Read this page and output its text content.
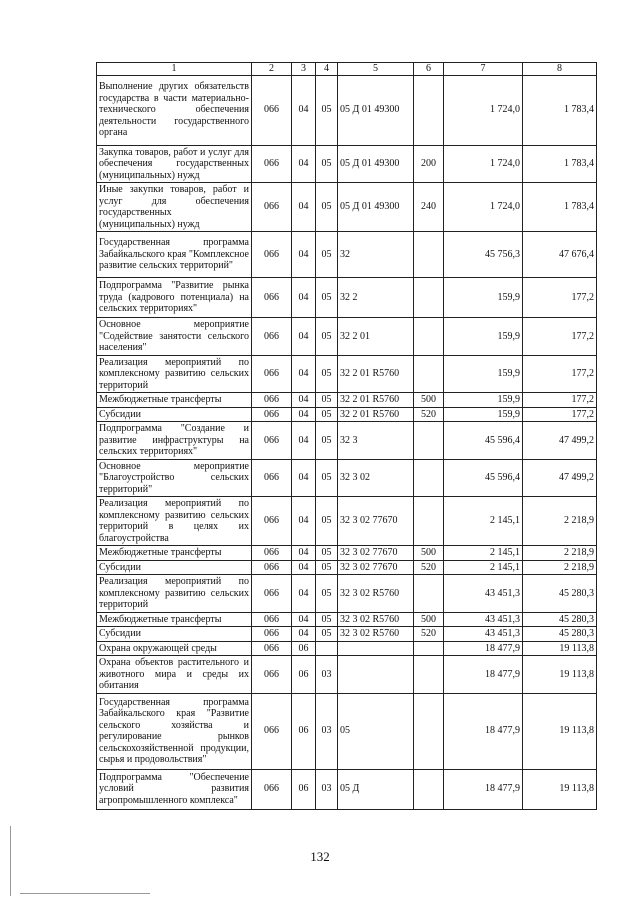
1	2	3	4	5	6	7	8
Выполнение других обязательств государства в части материально-технического обеспечения деятельности государственного органа	066	04	05	05 Д 01 49300		1 724,0	1 783,4
Закупка товаров, работ и услуг для обеспечения государственных (муниципальных) нужд	066	04	05	05 Д 01 49300	200	1 724,0	1 783,4
Иные закупки товаров, работ и услуг для обеспечения государственных (муниципальных) нужд	066	04	05	05 Д 01 49300	240	1 724,0	1 783,4
Государственная программа Забайкальского края "Комплексное развитие сельских территорий"	066	04	05	32		45 756,3	47 676,4
Подпрограмма "Развитие рынка труда (кадрового потенциала) на сельских территориях"	066	04	05	32 2		159,9	177,2
Основное мероприятие "Содействие занятости сельского населения"	066	04	05	32 2 01		159,9	177,2
Реализация мероприятий по комплексному развитию сельских территорий	066	04	05	32 2 01 R5760		159,9	177,2
Межбюджетные трансферты	066	04	05	32 2 01 R5760	500	159,9	177,2
Субсидии	066	04	05	32 2 01 R5760	520	159,9	177,2
Подпрограмма "Создание и развитие инфраструктуры на сельских территориях"	066	04	05	32 3		45 596,4	47 499,2
Основное мероприятие "Благоустройство сельских территорий"	066	04	05	32 3 02		45 596,4	47 499,2
Реализация мероприятий по комплексному развитию сельских территорий в целях их благоустройства	066	04	05	32 3 02 77670		2 145,1	2 218,9
Межбюджетные трансферты	066	04	05	32 3 02 77670	500	2 145,1	2 218,9
Субсидии	066	04	05	32 3 02 77670	520	2 145,1	2 218,9
Реализация мероприятий по комплексному развитию сельских территорий	066	04	05	32 3 02 R5760		43 451,3	45 280,3
Межбюджетные трансферты	066	04	05	32 3 02 R5760	500	43 451,3	45 280,3
Субсидии	066	04	05	32 3 02 R5760	520	43 451,3	45 280,3
Охрана окружающей среды	066	06				18 477,9	19 113,8
Охрана объектов растительного и животного мира и среды их обитания	066	06	03			18 477,9	19 113,8
Государственная программа Забайкальского края "Развитие сельского хозяйства и регулирование рынков сельскохозяйственной продукции, сырья и продовольствия"	066	06	03	05		18 477,9	19 113,8
Подпрограмма "Обеспечение условий развития агропромышленного комплекса"	066	06	03	05 Д		18 477,9	19 113,8
132
